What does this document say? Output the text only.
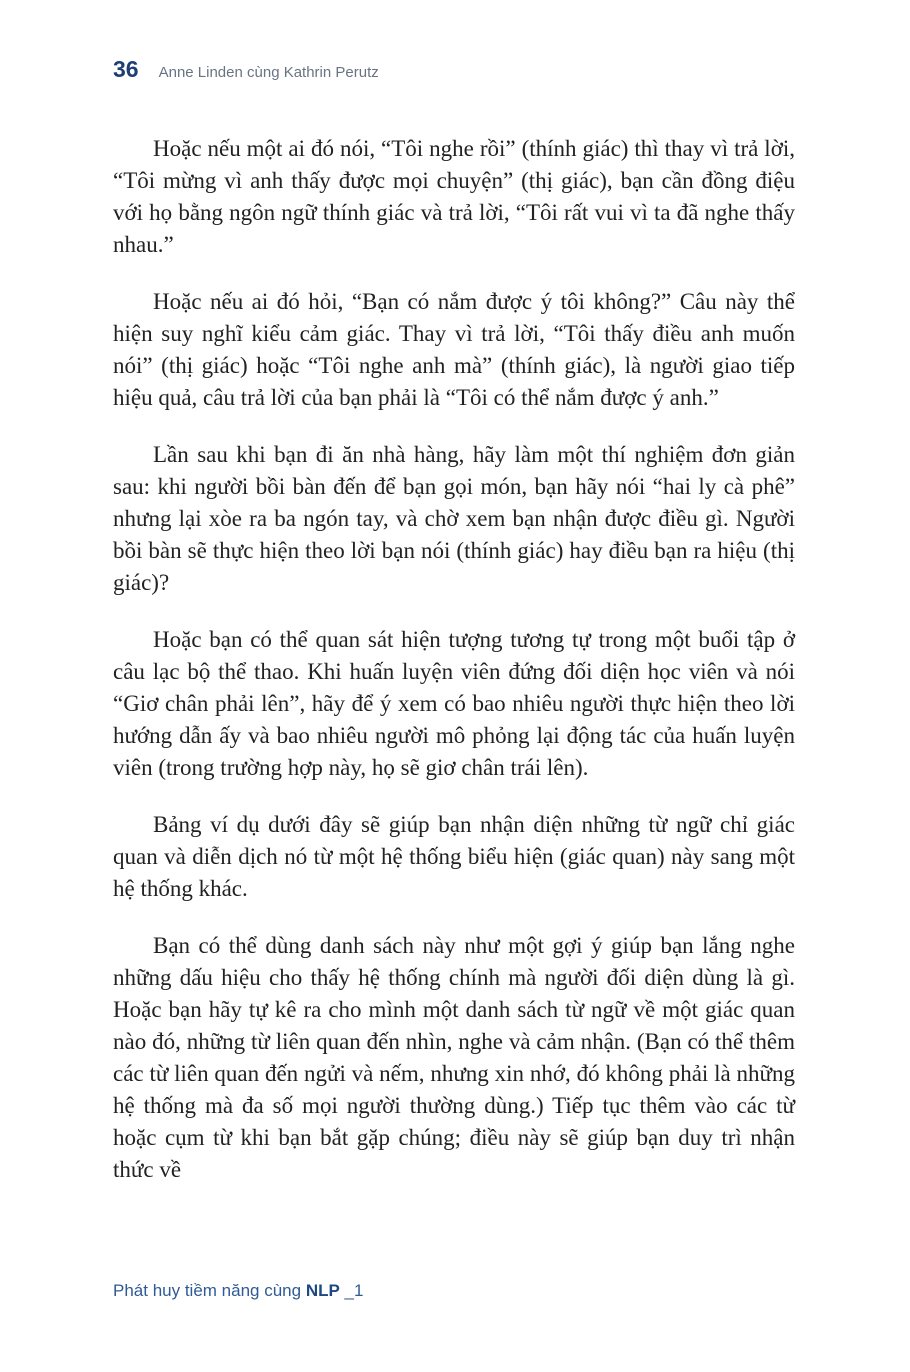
36 Anne Linden cùng Kathrin Perutz

Hoặc nếu một ai đó nói, “Tôi nghe rồi” (thính giác) thì thay vì trả lời, “Tôi mừng vì anh thấy được mọi chuyện” (thị giác), bạn cần đồng điệu với họ bằng ngôn ngữ thính giác và trả lời, “Tôi rất vui vì ta đã nghe thấy nhau.”

Hoặc nếu ai đó hỏi, “Bạn có nắm được ý tôi không?” Câu này thể hiện suy nghĩ kiểu cảm giác. Thay vì trả lời, “Tôi thấy điều anh muốn nói” (thị giác) hoặc “Tôi nghe anh mà” (thính giác), là người giao tiếp hiệu quả, câu trả lời của bạn phải là “Tôi có thể nắm được ý anh.”

Lần sau khi bạn đi ăn nhà hàng, hãy làm một thí nghiệm đơn giản sau: khi người bồi bàn đến để bạn gọi món, bạn hãy nói “hai ly cà phê” nhưng lại xòe ra ba ngón tay, và chờ xem bạn nhận được điều gì. Người bồi bàn sẽ thực hiện theo lời bạn nói (thính giác) hay điều bạn ra hiệu (thị giác)?

Hoặc bạn có thể quan sát hiện tượng tương tự trong một buổi tập ở câu lạc bộ thể thao. Khi huấn luyện viên đứng đối diện học viên và nói “Giơ chân phải lên”, hãy để ý xem có bao nhiêu người thực hiện theo lời hướng dẫn ấy và bao nhiêu người mô phỏng lại động tác của huấn luyện viên (trong trường hợp này, họ sẽ giơ chân trái lên).

Bảng ví dụ dưới đây sẽ giúp bạn nhận diện những từ ngữ chỉ giác quan và diễn dịch nó từ một hệ thống biểu hiện (giác quan) này sang một hệ thống khác.

Bạn có thể dùng danh sách này như một gợi ý giúp bạn lắng nghe những dấu hiệu cho thấy hệ thống chính mà người đối diện dùng là gì. Hoặc bạn hãy tự kê ra cho mình một danh sách từ ngữ về một giác quan nào đó, những từ liên quan đến nhìn, nghe và cảm nhận. (Bạn có thể thêm các từ liên quan đến ngửi và nếm, nhưng xin nhớ, đó không phải là những hệ thống mà đa số mọi người thường dùng.) Tiếp tục thêm vào các từ hoặc cụm từ khi bạn bắt gặp chúng; điều này sẽ giúp bạn duy trì nhận thức về

Phát huy tiềm năng cùng NLP _1
